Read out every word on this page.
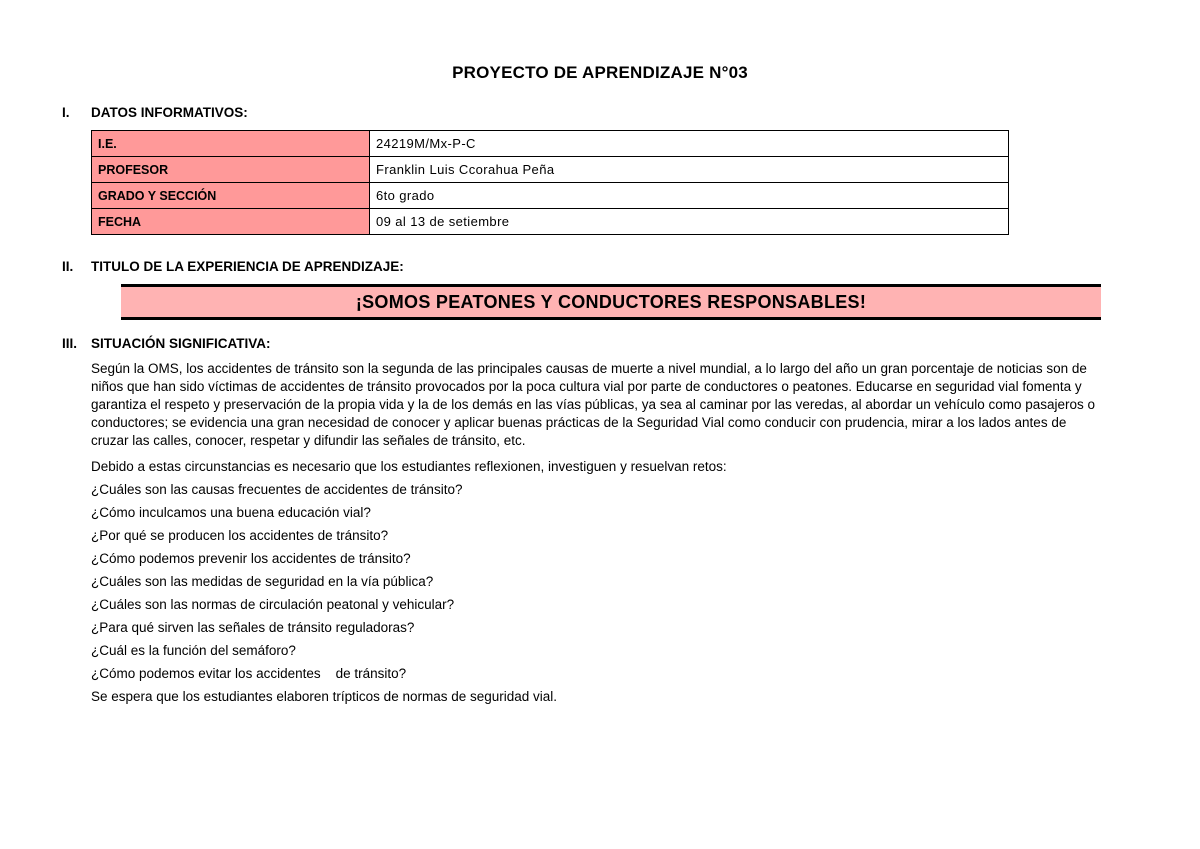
PROYECTO DE APRENDIZAJE N°03
I. DATOS INFORMATIVOS:
I.E.	24219M/Mx-P-C
PROFESOR	Franklin Luis Ccorahua Peña
GRADO Y SECCIÓN	6to grado
FECHA	09 al 13 de setiembre
II. TITULO DE LA EXPERIENCIA DE APRENDIZAJE:
¡SOMOS PEATONES Y CONDUCTORES RESPONSABLES!
III. SITUACIÓN SIGNIFICATIVA:
Según la OMS, los accidentes de tránsito son la segunda de las principales causas de muerte a nivel mundial, a lo largo del año un gran porcentaje de noticias son de
niños que han sido víctimas de accidentes de tránsito provocados por la poca cultura vial por parte de conductores o peatones. Educarse en seguridad vial fomenta y
garantiza el respeto y preservación de la propia vida y la de los demás en las vías públicas, ya sea al caminar por las veredas, al abordar un vehículo como pasajeros o
conductores; se evidencia una gran necesidad de conocer y aplicar buenas prácticas de la Seguridad Vial como conducir con prudencia, mirar a los lados antes de
cruzar las calles, conocer, respetar y difundir las señales de tránsito, etc.
Debido a estas circunstancias es necesario que los estudiantes reflexionen, investiguen y resuelvan retos:
¿Cuáles son las causas frecuentes de accidentes de tránsito?
¿Cómo inculcamos una buena educación vial?
¿Por qué se producen los accidentes de tránsito?
¿Cómo podemos prevenir los accidentes de tránsito?
¿Cuáles son las medidas de seguridad en la vía pública?
¿Cuáles son las normas de circulación peatonal y vehicular?
¿Para qué sirven las señales de tránsito reguladoras?
¿Cuál es la función del semáforo?
¿Cómo podemos evitar los accidentes    de tránsito?
Se espera que los estudiantes elaboren trípticos de normas de seguridad vial.
